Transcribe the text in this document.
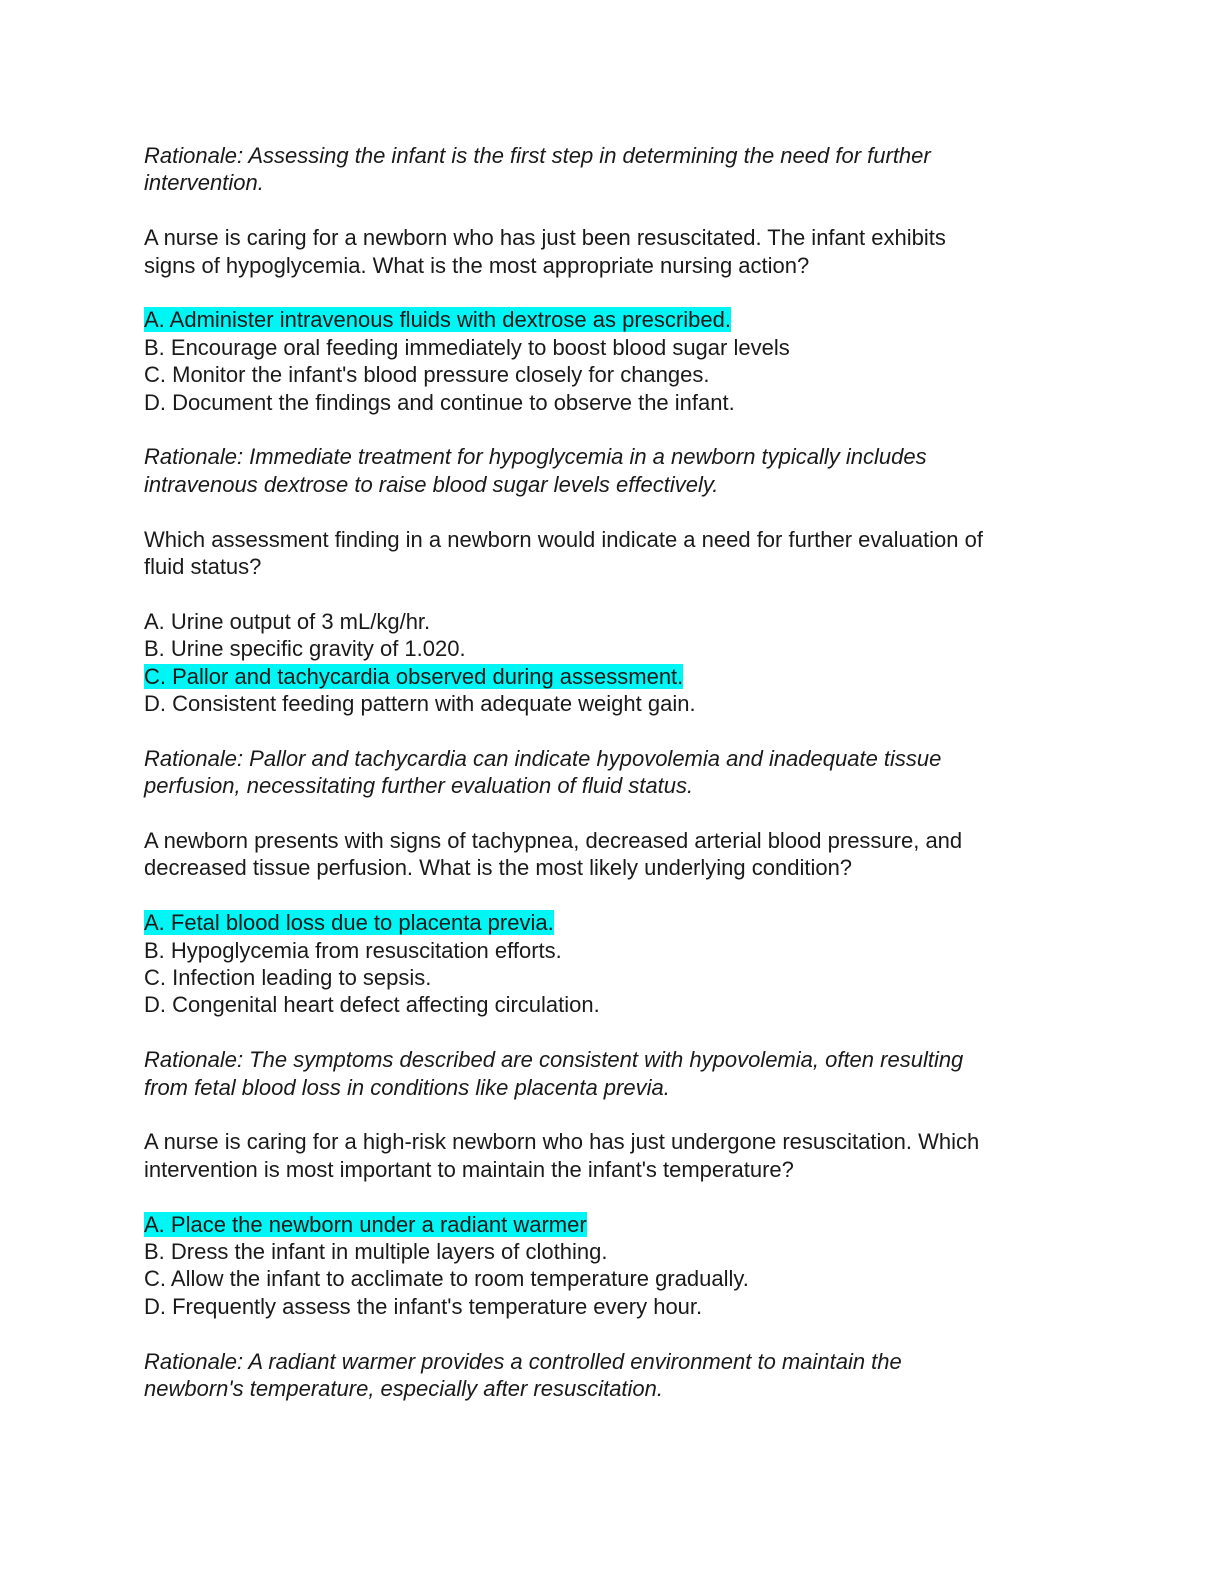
Rationale: Assessing the infant is the first step in determining the need for further
intervention.
A nurse is caring for a newborn who has just been resuscitated. The infant exhibits
signs of hypoglycemia. What is the most appropriate nursing action?
A. Administer intravenous fluids with dextrose as prescribed.
B. Encourage oral feeding immediately to boost blood sugar levels
C. Monitor the infant's blood pressure closely for changes.
D. Document the findings and continue to observe the infant.
Rationale: Immediate treatment for hypoglycemia in a newborn typically includes
intravenous dextrose to raise blood sugar levels effectively.
Which assessment finding in a newborn would indicate a need for further evaluation of
fluid status?
A. Urine output of 3 mL/kg/hr.
B. Urine specific gravity of 1.020.
C. Pallor and tachycardia observed during assessment.
D. Consistent feeding pattern with adequate weight gain.
Rationale: Pallor and tachycardia can indicate hypovolemia and inadequate tissue
perfusion, necessitating further evaluation of fluid status.
A newborn presents with signs of tachypnea, decreased arterial blood pressure, and
decreased tissue perfusion. What is the most likely underlying condition?
A. Fetal blood loss due to placenta previa.
B. Hypoglycemia from resuscitation efforts.
C. Infection leading to sepsis.
D. Congenital heart defect affecting circulation.
Rationale: The symptoms described are consistent with hypovolemia, often resulting
from fetal blood loss in conditions like placenta previa.
A nurse is caring for a high-risk newborn who has just undergone resuscitation. Which
intervention is most important to maintain the infant's temperature?
A. Place the newborn under a radiant warmer
B. Dress the infant in multiple layers of clothing.
C. Allow the infant to acclimate to room temperature gradually.
D. Frequently assess the infant's temperature every hour.
Rationale: A radiant warmer provides a controlled environment to maintain the
newborn's temperature, especially after resuscitation.
